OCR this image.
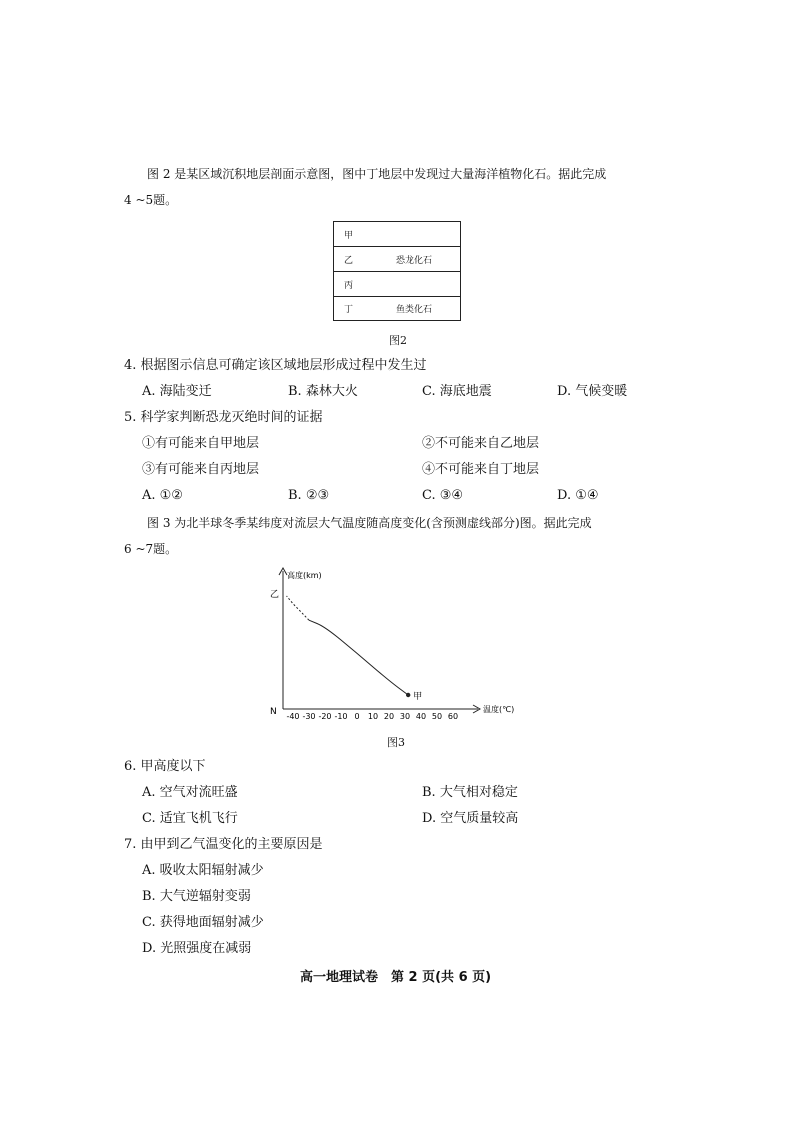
图 2 是某区域沉积地层剖面示意图，图中丁地层中发现过大量海洋植物化石。据此完成
4 ~5题。
甲
乙	恐龙化石
丙
丁	鱼类化石
图2
4. 根据图示信息可确定该区域地层形成过程中发生过
A. 海陆变迁	B. 森林大火	C. 海底地震	D. 气候变暖
5. 科学家判断恐龙灭绝时间的证据
①有可能来自甲地层	②不可能来自乙地层
③有可能来自丙地层	④不可能来自丁地层
A. ①②	B. ②③	C. ③④	D. ①④
图 3 为北半球冬季某纬度对流层大气温度随高度变化(含预测虚线部分)图。据此完成
6 ~7题。
高度(km)
温度(℃)
乙
N -40 -30 -20 -10 0 10 20 30 40 50 60
甲
图3
6. 甲高度以下
A. 空气对流旺盛	B. 大气相对稳定
C. 适宜飞机飞行	D. 空气质量较高
7. 由甲到乙气温变化的主要原因是
A. 吸收太阳辐射减少
B. 大气逆辐射变弱
C. 获得地面辐射减少
D. 光照强度在减弱
高一地理试卷　第 2 页(共 6 页)
